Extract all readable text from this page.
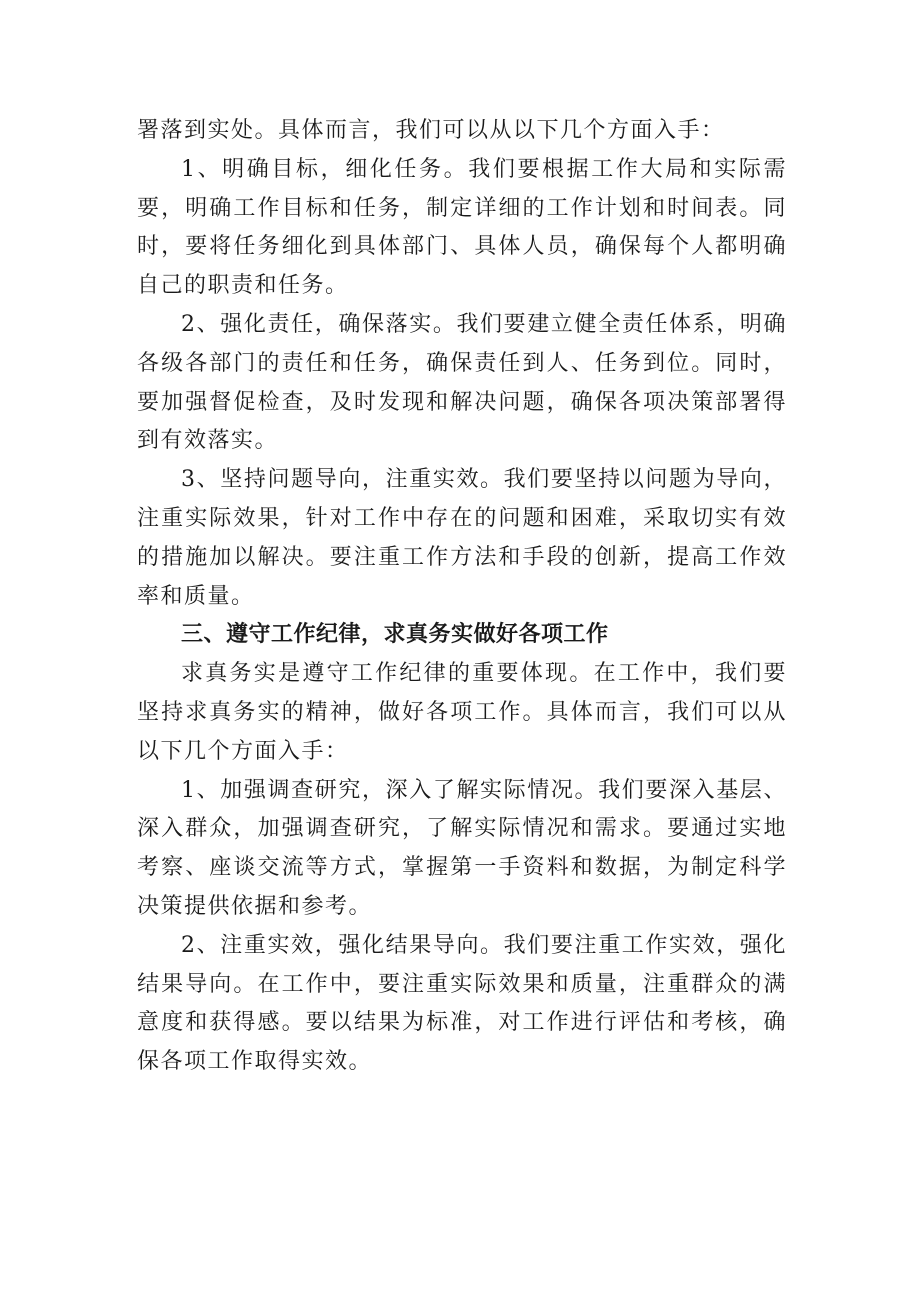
署落到实处。具体而言，我们可以从以下几个方面入手：

1、明确目标，细化任务。我们要根据工作大局和实际需要，明确工作目标和任务，制定详细的工作计划和时间表。同时，要将任务细化到具体部门、具体人员，确保每个人都明确自己的职责和任务。

2、强化责任，确保落实。我们要建立健全责任体系，明确各级各部门的责任和任务，确保责任到人、任务到位。同时，要加强督促检查，及时发现和解决问题，确保各项决策部署得到有效落实。

3、坚持问题导向，注重实效。我们要坚持以问题为导向，注重实际效果，针对工作中存在的问题和困难，采取切实有效的措施加以解决。要注重工作方法和手段的创新，提高工作效率和质量。

三、遵守工作纪律，求真务实做好各项工作

求真务实是遵守工作纪律的重要体现。在工作中，我们要坚持求真务实的精神，做好各项工作。具体而言，我们可以从以下几个方面入手：

1、加强调查研究，深入了解实际情况。我们要深入基层、深入群众，加强调查研究，了解实际情况和需求。要通过实地考察、座谈交流等方式，掌握第一手资料和数据，为制定科学决策提供依据和参考。

2、注重实效，强化结果导向。我们要注重工作实效，强化结果导向。在工作中，要注重实际效果和质量，注重群众的满意度和获得感。要以结果为标准，对工作进行评估和考核，确保各项工作取得实效。
